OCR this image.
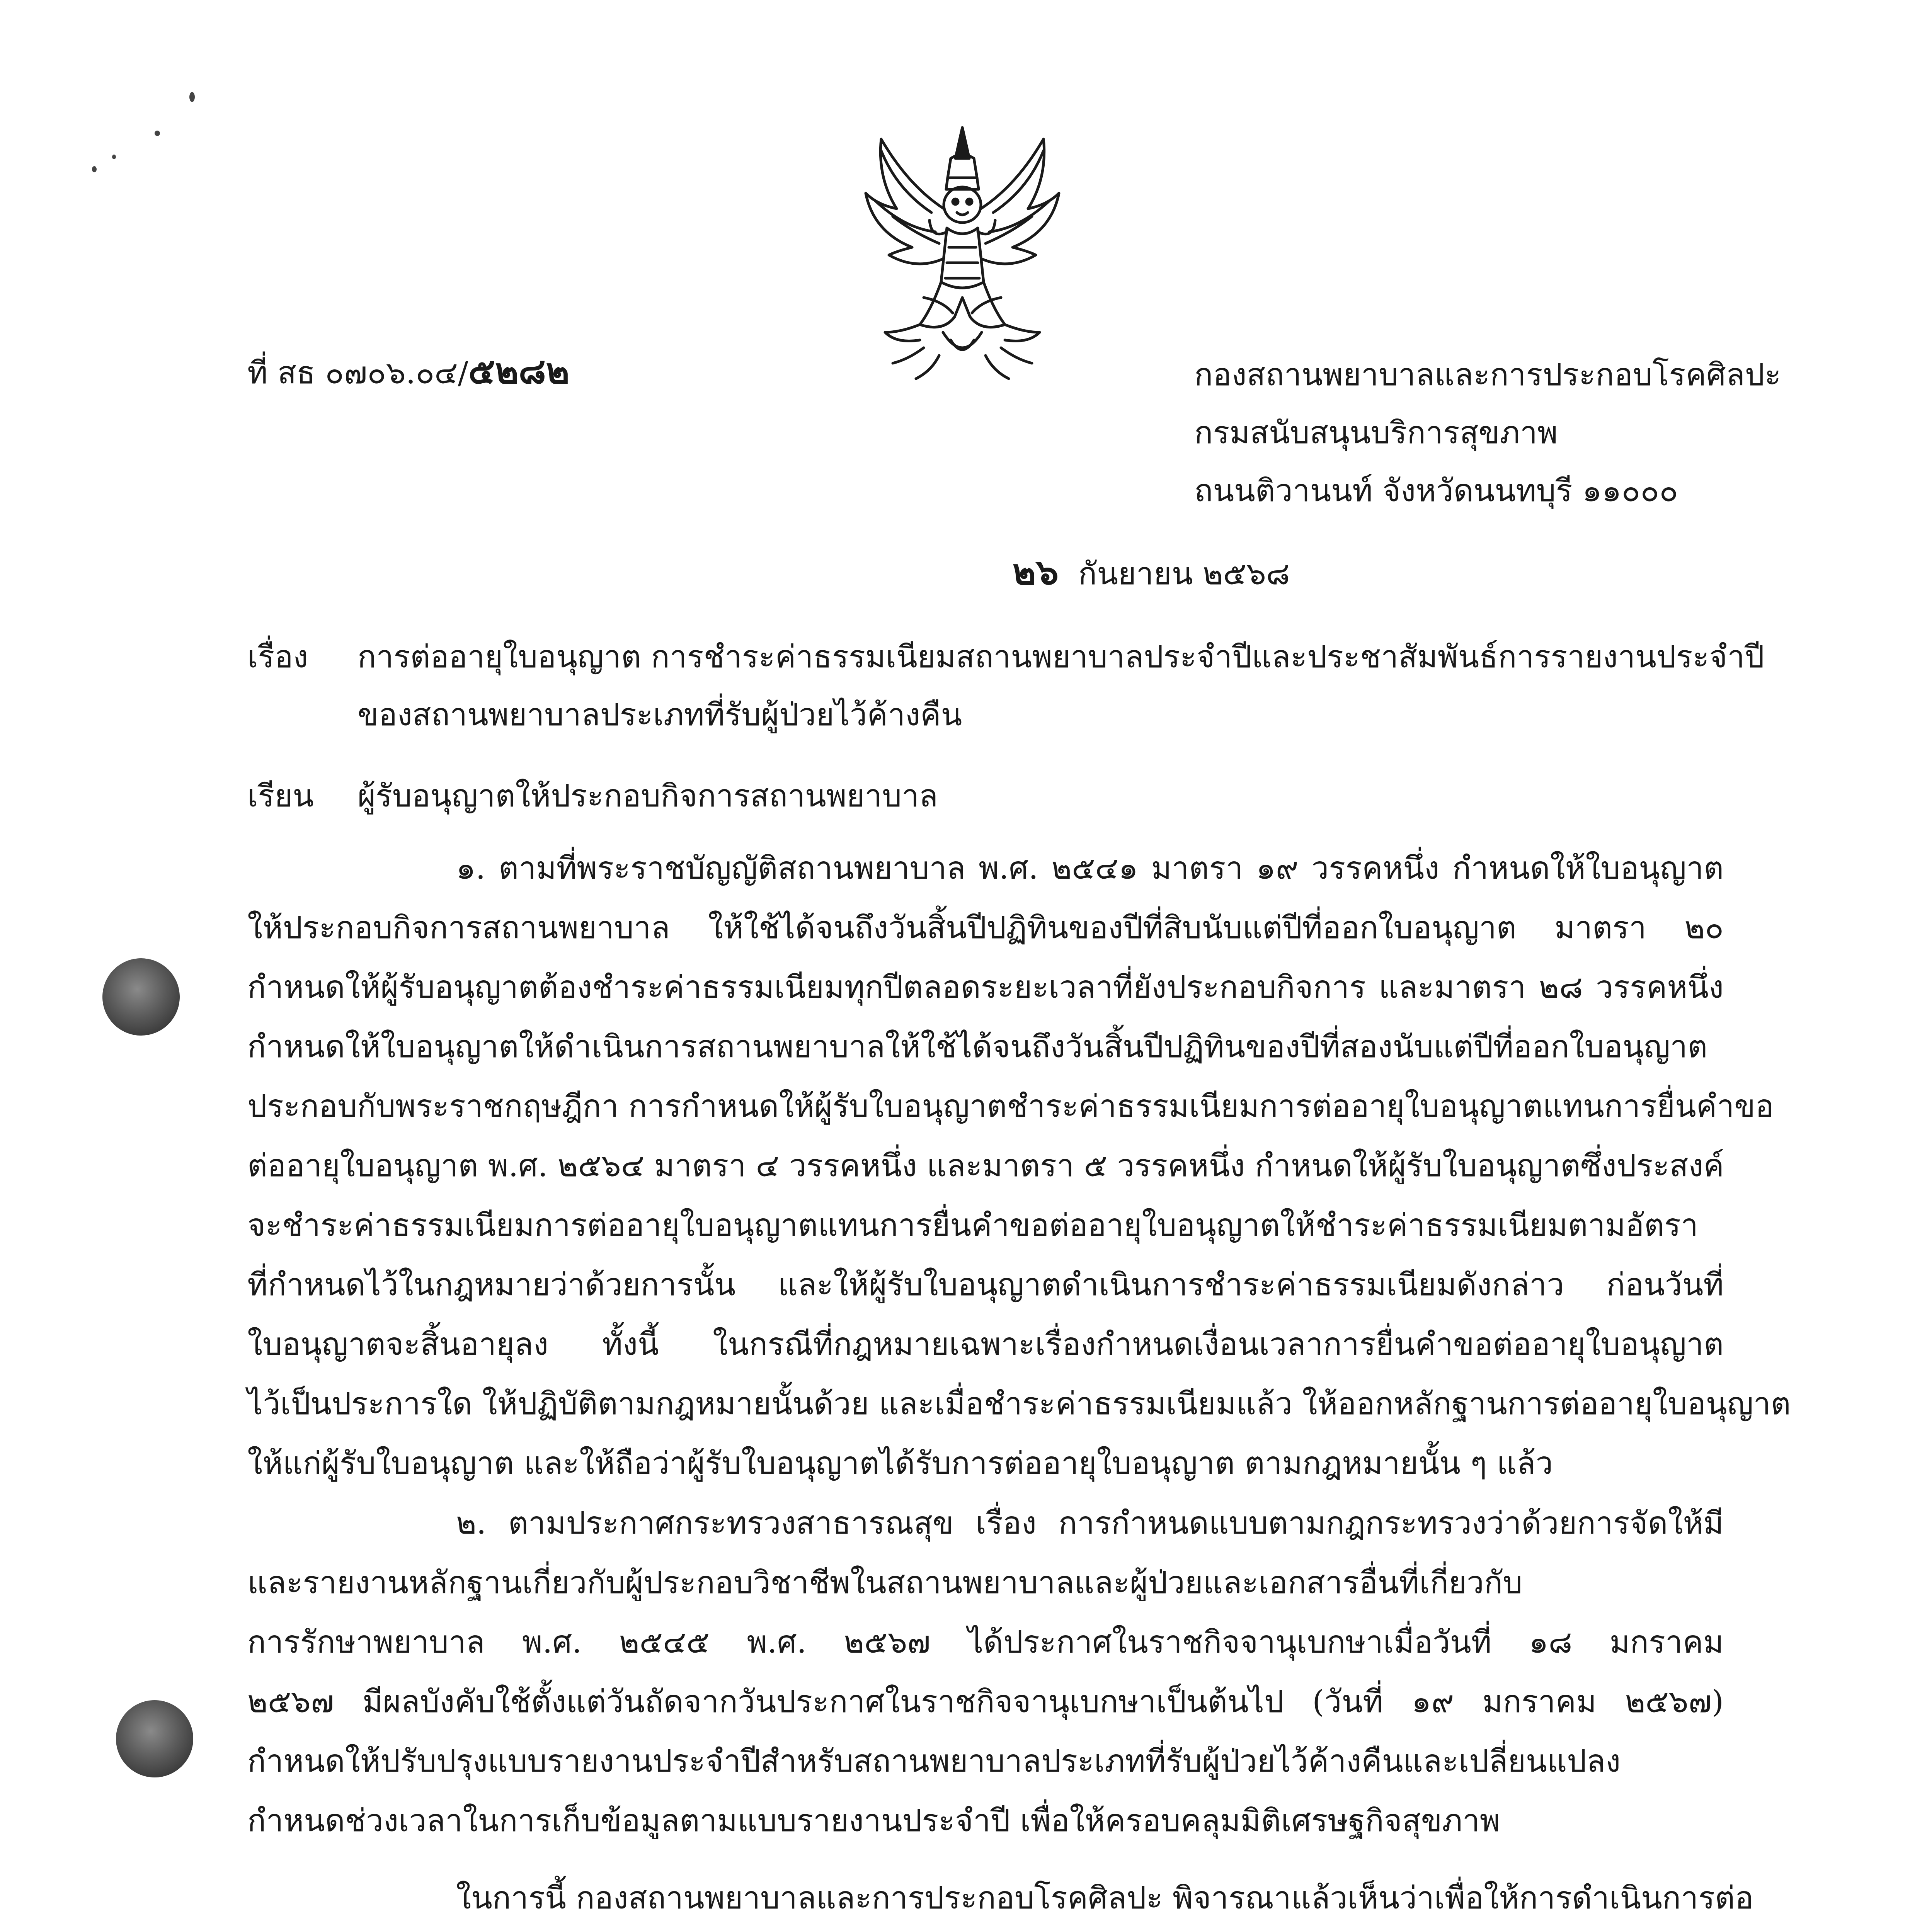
ที่ สธ ๐๗๐๖.๐๔/๕๒๘๒	กองสถานพยาบาลและการประกอบโรคศิลปะ
กรมสนับสนุนบริการสุขภาพ
ถนนติวานนท์ จังหวัดนนทบุรี ๑๑๐๐๐
๒๖ กันยายน ๒๕๖๘
เรื่อง การต่ออายุใบอนุญาต การชำระค่าธรรมเนียมสถานพยาบาลประจำปีและประชาสัมพันธ์การรายงานประจำปี
ของสถานพยาบาลประเภทที่รับผู้ป่วยไว้ค้างคืน
เรียน ผู้รับอนุญาตให้ประกอบกิจการสถานพยาบาล
๑. ตามที่พระราชบัญญัติสถานพยาบาล พ.ศ. ๒๕๔๑ มาตรา ๑๙ วรรคหนึ่ง กำหนดให้ใบอนุญาต
ให้ประกอบกิจการสถานพยาบาล ให้ใช้ได้จนถึงวันสิ้นปีปฏิทินของปีที่สิบนับแต่ปีที่ออกใบอนุญาต มาตรา ๒๐
กำหนดให้ผู้รับอนุญาตต้องชำระค่าธรรมเนียมทุกปีตลอดระยะเวลาที่ยังประกอบกิจการ และมาตรา ๒๘ วรรคหนึ่ง
กำหนดให้ใบอนุญาตให้ดำเนินการสถานพยาบาลให้ใช้ได้จนถึงวันสิ้นปีปฏิทินของปีที่สองนับแต่ปีที่ออกใบอนุญาต
ประกอบกับพระราชกฤษฎีกา การกำหนดให้ผู้รับใบอนุญาตชำระค่าธรรมเนียมการต่ออายุใบอนุญาตแทนการยื่นคำขอ
ต่ออายุใบอนุญาต พ.ศ. ๒๕๖๔ มาตรา ๔ วรรคหนึ่ง และมาตรา ๕ วรรคหนึ่ง กำหนดให้ผู้รับใบอนุญาตซึ่งประสงค์
จะชำระค่าธรรมเนียมการต่ออายุใบอนุญาตแทนการยื่นคำขอต่ออายุใบอนุญาตให้ชำระค่าธรรมเนียมตามอัตรา
ที่กำหนดไว้ในกฎหมายว่าด้วยการนั้น และให้ผู้รับใบอนุญาตดำเนินการชำระค่าธรรมเนียมดังกล่าว ก่อนวันที่
ใบอนุญาตจะสิ้นอายุลง ทั้งนี้ ในกรณีที่กฎหมายเฉพาะเรื่องกำหนดเงื่อนเวลาการยื่นคำขอต่ออายุใบอนุญาต
ไว้เป็นประการใด ให้ปฏิบัติตามกฎหมายนั้นด้วย และเมื่อชำระค่าธรรมเนียมแล้ว ให้ออกหลักฐานการต่ออายุใบอนุญาต
ให้แก่ผู้รับใบอนุญาต และให้ถือว่าผู้รับใบอนุญาตได้รับการต่ออายุใบอนุญาต ตามกฎหมายนั้น ๆ แล้ว
๒. ตามประกาศกระทรวงสาธารณสุข เรื่อง การกำหนดแบบตามกฎกระทรวงว่าด้วยการจัดให้มี
และรายงานหลักฐานเกี่ยวกับผู้ประกอบวิชาชีพในสถานพยาบาลและผู้ป่วยและเอกสารอื่นที่เกี่ยวกับ
การรักษาพยาบาล พ.ศ. ๒๕๔๕ พ.ศ. ๒๕๖๗ ได้ประกาศในราชกิจจานุเบกษาเมื่อวันที่ ๑๘ มกราคม
๒๕๖๗ มีผลบังคับใช้ตั้งแต่วันถัดจากวันประกาศในราชกิจจานุเบกษาเป็นต้นไป (วันที่ ๑๙ มกราคม ๒๕๖๗)
กำหนดให้ปรับปรุงแบบรายงานประจำปีสำหรับสถานพยาบาลประเภทที่รับผู้ป่วยไว้ค้างคืนและเปลี่ยนแปลง
กำหนดช่วงเวลาในการเก็บข้อมูลตามแบบรายงานประจำปี เพื่อให้ครอบคลุมมิติเศรษฐกิจสุขภาพ
ในการนี้ กองสถานพยาบาลและการประกอบโรคศิลปะ พิจารณาแล้วเห็นว่าเพื่อให้การดำเนินการต่อ
